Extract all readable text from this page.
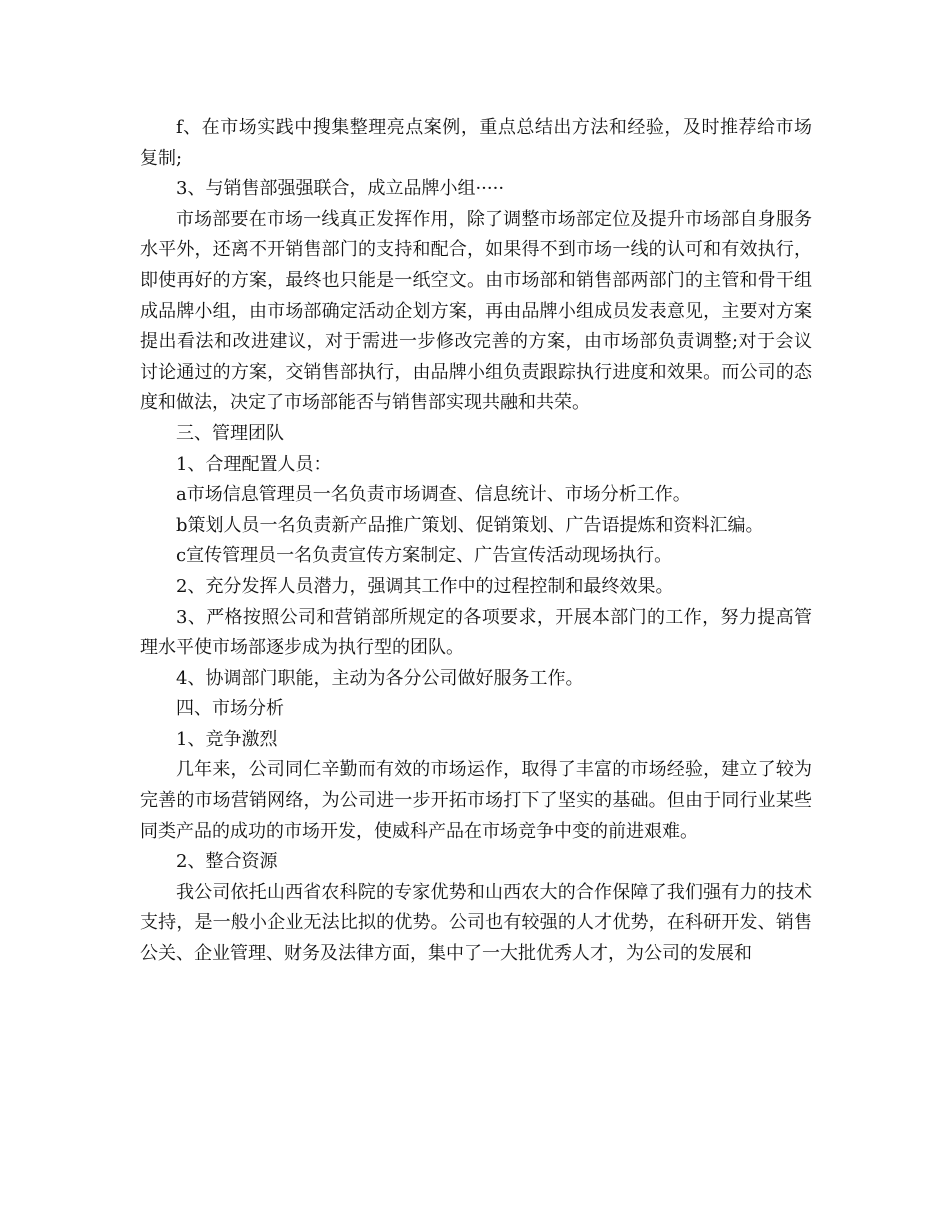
f、在市场实践中搜集整理亮点案例，重点总结出方法和经验，及时推荐给市场复制;

3、与销售部强强联合，成立品牌小组·····

市场部要在市场一线真正发挥作用，除了调整市场部定位及提升市场部自身服务水平外，还离不开销售部门的支持和配合，如果得不到市场一线的认可和有效执行，即使再好的方案，最终也只能是一纸空文。由市场部和销售部两部门的主管和骨干组成品牌小组，由市场部确定活动企划方案，再由品牌小组成员发表意见，主要对方案提出看法和改进建议，对于需进一步修改完善的方案，由市场部负责调整;对于会议讨论通过的方案，交销售部执行，由品牌小组负责跟踪执行进度和效果。而公司的态度和做法，决定了市场部能否与销售部实现共融和共荣。

三、管理团队

1、合理配置人员：

a市场信息管理员一名负责市场调查、信息统计、市场分析工作。

b策划人员一名负责新产品推广策划、促销策划、广告语提炼和资料汇编。

c宣传管理员一名负责宣传方案制定、广告宣传活动现场执行。

2、充分发挥人员潜力，强调其工作中的过程控制和最终效果。

3、严格按照公司和营销部所规定的各项要求，开展本部门的工作，努力提高管理水平使市场部逐步成为执行型的团队。

4、协调部门职能，主动为各分公司做好服务工作。

四、市场分析

1、竞争激烈

几年来，公司同仁辛勤而有效的市场运作，取得了丰富的市场经验，建立了较为完善的市场营销网络，为公司进一步开拓市场打下了坚实的基础。但由于同行业某些同类产品的成功的市场开发，使威科产品在市场竞争中变的前进艰难。

2、整合资源

我公司依托山西省农科院的专家优势和山西农大的合作保障了我们强有力的技术支持，是一般小企业无法比拟的优势。公司也有较强的人才优势，在科研开发、销售公关、企业管理、财务及法律方面，集中了一大批优秀人才，为公司的发展和
